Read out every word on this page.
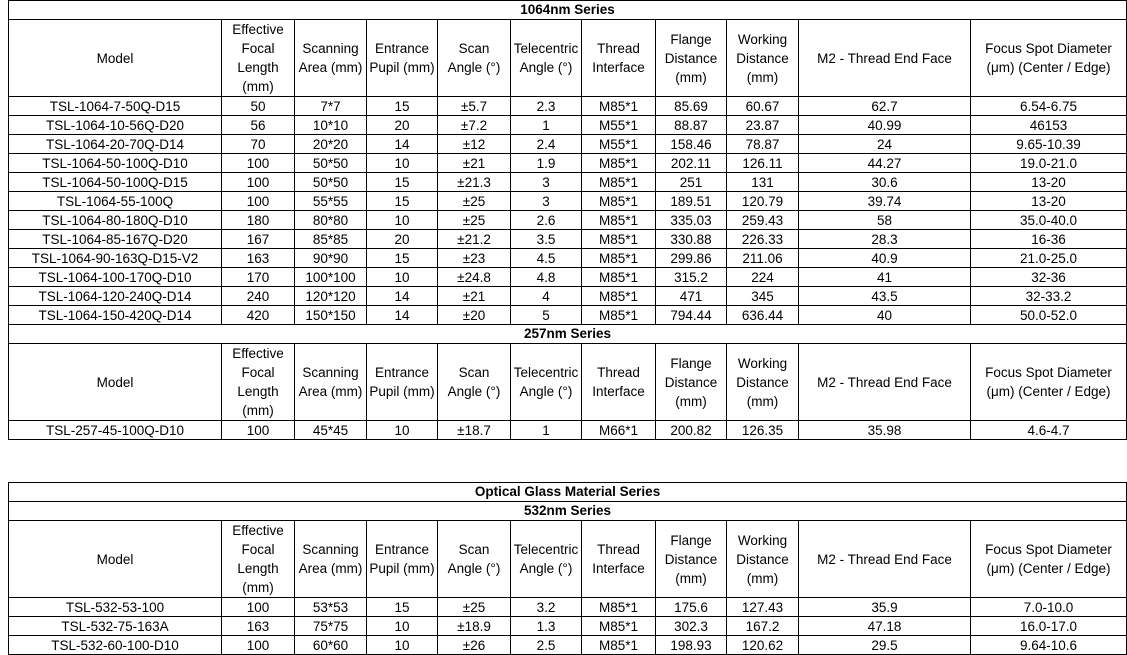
1064nm Series										
Model	Effective Focal Length (mm)	Scanning Area (mm)	Entrance Pupil (mm)	Scan Angle (°)	Telecentric Angle (°)	Thread Interface	Flange Distance (mm)	Working Distance (mm)	M2 - Thread End Face	Focus Spot Diameter (μm) (Center / Edge)
TSL-1064-7-50Q-D15	50	7*7	15	±5.7	2.3	M85*1	85.69	60.67	62.7	6.54-6.75
TSL-1064-10-56Q-D20	56	10*10	20	±7.2	1	M55*1	88.87	23.87	40.99	46153
TSL-1064-20-70Q-D14	70	20*20	14	±12	2.4	M55*1	158.46	78.87	24	9.65-10.39
TSL-1064-50-100Q-D10	100	50*50	10	±21	1.9	M85*1	202.11	126.11	44.27	19.0-21.0
TSL-1064-50-100Q-D15	100	50*50	15	±21.3	3	M85*1	251	131	30.6	13-20
TSL-1064-55-100Q	100	55*55	15	±25	3	M85*1	189.51	120.79	39.74	13-20
TSL-1064-80-180Q-D10	180	80*80	10	±25	2.6	M85*1	335.03	259.43	58	35.0-40.0
TSL-1064-85-167Q-D20	167	85*85	20	±21.2	3.5	M85*1	330.88	226.33	28.3	16-36
TSL-1064-90-163Q-D15-V2	163	90*90	15	±23	4.5	M85*1	299.86	211.06	40.9	21.0-25.0
TSL-1064-100-170Q-D10	170	100*100	10	±24.8	4.8	M85*1	315.2	224	41	32-36
TSL-1064-120-240Q-D14	240	120*120	14	±21	4	M85*1	471	345	43.5	32-33.2
TSL-1064-150-420Q-D14	420	150*150	14	±20	5	M85*1	794.44	636.44	40	50.0-52.0
257nm Series										
Model	Effective Focal Length (mm)	Scanning Area (mm)	Entrance Pupil (mm)	Scan Angle (°)	Telecentric Angle (°)	Thread Interface	Flange Distance (mm)	Working Distance (mm)	M2 - Thread End Face	Focus Spot Diameter (μm) (Center / Edge)
TSL-257-45-100Q-D10	100	45*45	10	±18.7	1	M66*1	200.82	126.35	35.98	4.6-4.7
Optical Glass Material Series										
532nm Series										
Model	Effective Focal Length (mm)	Scanning Area (mm)	Entrance Pupil (mm)	Scan Angle (°)	Telecentric Angle (°)	Thread Interface	Flange Distance (mm)	Working Distance (mm)	M2 - Thread End Face	Focus Spot Diameter (μm) (Center / Edge)
TSL-532-53-100	100	53*53	15	±25	3.2	M85*1	175.6	127.43	35.9	7.0-10.0
TSL-532-75-163A	163	75*75	10	±18.9	1.3	M85*1	302.3	167.2	47.18	16.0-17.0
TSL-532-60-100-D10	100	60*60	10	±26	2.5	M85*1	198.93	120.62	29.5	9.64-10.6
